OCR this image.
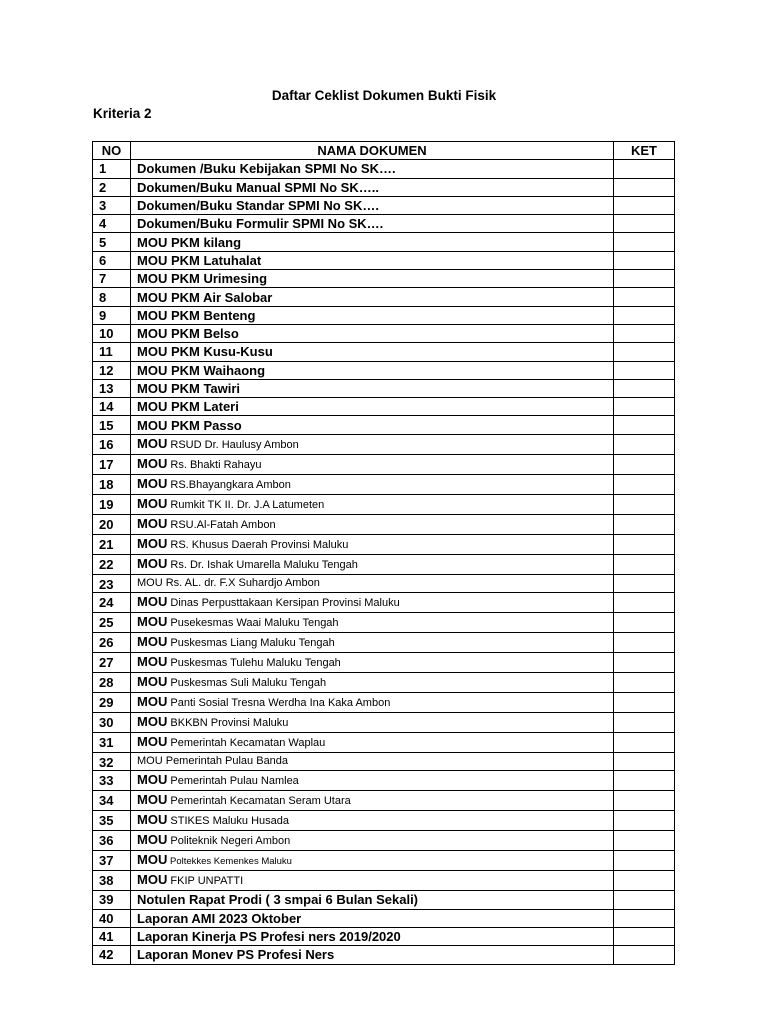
Daftar Ceklist Dokumen Bukti Fisik
Kriteria 2
NO	NAMA DOKUMEN	KET
1	Dokumen /Buku Kebijakan SPMI No SK….	
2	Dokumen/Buku Manual SPMI No SK…..	
3	Dokumen/Buku Standar SPMI No SK….	
4	Dokumen/Buku Formulir SPMI No SK….	
5	MOU PKM kilang	
6	MOU PKM Latuhalat	
7	MOU PKM Urimesing	
8	MOU PKM Air Salobar	
9	MOU PKM Benteng	
10	MOU PKM Belso	
11	MOU PKM Kusu-Kusu	
12	MOU PKM Waihaong	
13	MOU PKM Tawiri	
14	MOU PKM Lateri	
15	MOU PKM Passo	
16	MOU RSUD Dr. Haulusy Ambon	
17	MOU Rs. Bhakti Rahayu	
18	MOU RS.Bhayangkara Ambon	
19	MOU Rumkit TK II. Dr. J.A Latumeten	
20	MOU RSU.Al-Fatah Ambon	
21	MOU RS. Khusus Daerah Provinsi Maluku	
22	MOU Rs. Dr. Ishak Umarella Maluku Tengah	
23	MOU Rs. AL. dr. F.X Suhardjo Ambon	
24	MOU Dinas Perpusttakaan Kersipan Provinsi Maluku	
25	MOU Pusekesmas Waai Maluku Tengah	
26	MOU Puskesmas Liang Maluku Tengah	
27	MOU Puskesmas Tulehu Maluku Tengah	
28	MOU Puskesmas Suli Maluku Tengah	
29	MOU Panti Sosial Tresna Werdha Ina Kaka Ambon	
30	MOU BKKBN Provinsi Maluku	
31	MOU Pemerintah Kecamatan Waplau	
32	MOU Pemerintah Pulau Banda	
33	MOU Pemerintah Pulau Namlea	
34	MOU Pemerintah Kecamatan Seram Utara	
35	MOU STIKES Maluku Husada	
36	MOU Politeknik Negeri Ambon	
37	MOU Poltekkes Kemenkes Maluku	
38	MOU FKIP UNPATTI	
39	Notulen Rapat Prodi ( 3 smpai 6 Bulan Sekali)	
40	Laporan AMI 2023 Oktober	
41	Laporan Kinerja PS Profesi ners 2019/2020	
42	Laporan Monev PS Profesi Ners	
